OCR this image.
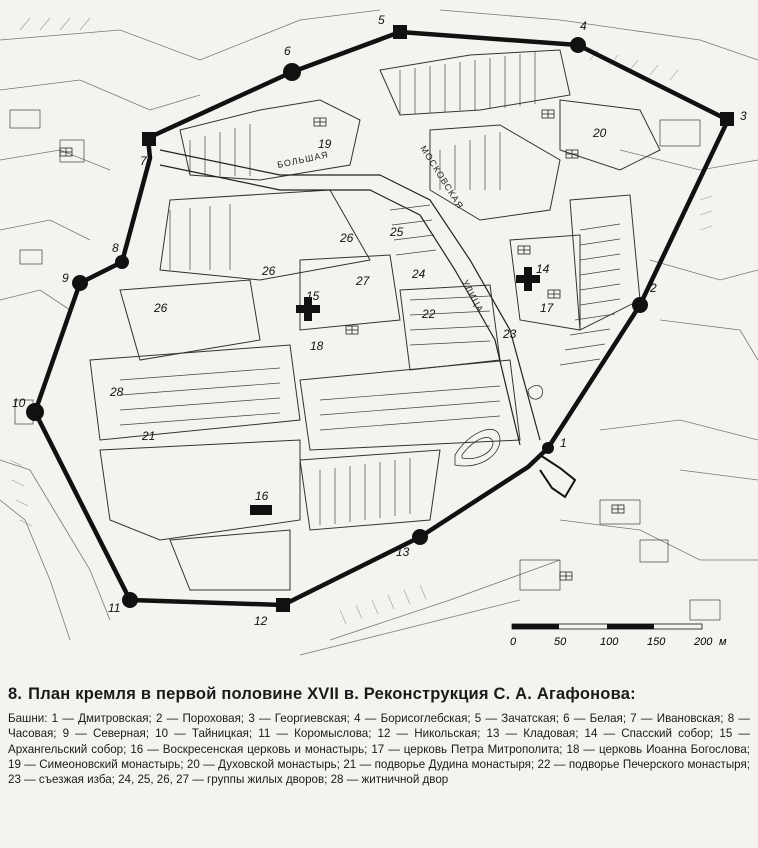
1
2
3
4
5
6
7
8
9
10
11
12
13
14
15
16
17
18
19
20
21
22
23
24
25
26
26
26
27
28
БОЛЬШАЯ	МОСКОВСКАЯ
УЛИЦА
0	50	100	150	200 м
8. План кремля в первой половине XVII в. Реконструкция С. А. Агафонова:
Башни: 1 — Дмитровская; 2 — Пороховая; 3 — Георгиевская; 4 — Борисоглебская; 5 — Зачатская; 6 — Белая; 7 — Ивановская; 8 — Часовая; 9 — Северная; 10 — Тайницкая; 11 — Коромыслова; 12 — Никольская; 13 — Кладовая; 14 — Спасский собор; 15 — Архангельский собор; 16 — Воскресенская церковь и монастырь; 17 — церковь Петра Митрополита; 18 — церковь Иоанна Богослова; 19 — Симеоновский монастырь; 20 — Духовской монастырь; 21 — подворье Дудина монастыря; 22 — подворье Печерского монастыря; 23 — съезжая изба; 24, 25, 26, 27 — группы жилых дворов; 28 — житничной двор
